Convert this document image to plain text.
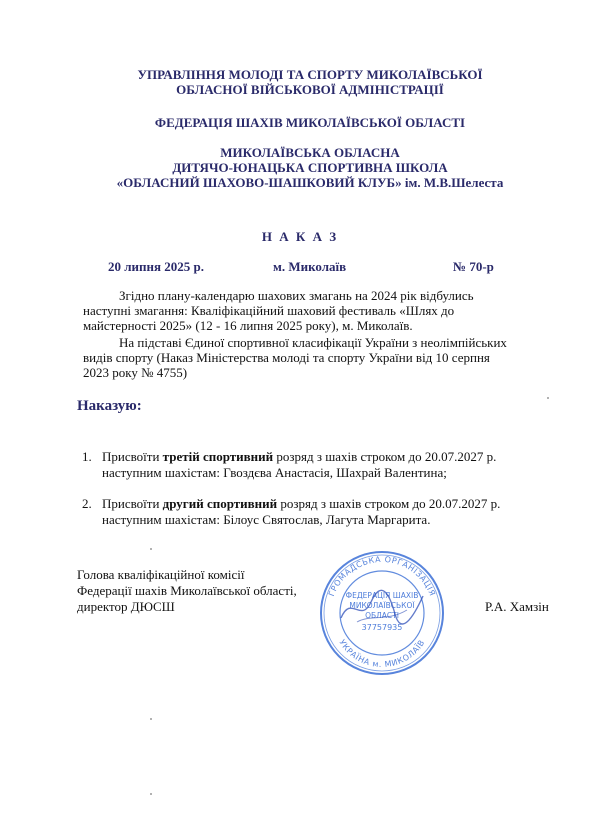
УПРАВЛІННЯ МОЛОДІ ТА СПОРТУ МИКОЛАЇВСЬКОЇ
ОБЛАСНОЇ ВІЙСЬКОВОЇ АДМІНІСТРАЦІЇ
ФЕДЕРАЦІЯ ШАХІВ МИКОЛАЇВСЬКОЇ ОБЛАСТІ
МИКОЛАЇВСЬКА ОБЛАСНА
ДИТЯЧО-ЮНАЦЬКА СПОРТИВНА ШКОЛА
«ОБЛАСНИЙ ШАХОВО-ШАШКОВИЙ КЛУБ» ім. М.В.Шелеста
Н А К А З
20 липня 2025 р.	м. Миколаїв	№ 70-р
Згідно плану-календарю шахових змагань на 2024 рік відбулись
наступні змагання: Кваліфікаційний шаховий фестиваль «Шлях до
майстерності 2025» (12 - 16 липня 2025 року), м. Миколаїв.
На підставі Єдиної спортивної класифікації України з неолімпійських
видів спорту (Наказ Міністерства молоді та спорту України від 10 серпня
2023 року № 4755)
Наказую:
1. Присвоїти третій спортивний розряд з шахів строком до 20.07.2027 р.
наступним шахістам: Гвоздєва Анастасія, Шахрай Валентина;
2. Присвоїти другий спортивний розряд з шахів строком до 20.07.2027 р.
наступним шахістам: Білоус Святослав, Лагута Маргарита.
ГРОМАДСЬКА ОРГАНІЗАЦІЯ
УКРАЇНА м. МИКОЛАЇВ
ФЕДЕРАЦІЯ ШАХІВ
МИКОЛАЇВСЬКОЇ
ОБЛАСТІ
37757935
Голова кваліфікаційної комісії
Федерації шахів Миколаївської області,
директор ДЮСШ	Р.А. Хамзін
